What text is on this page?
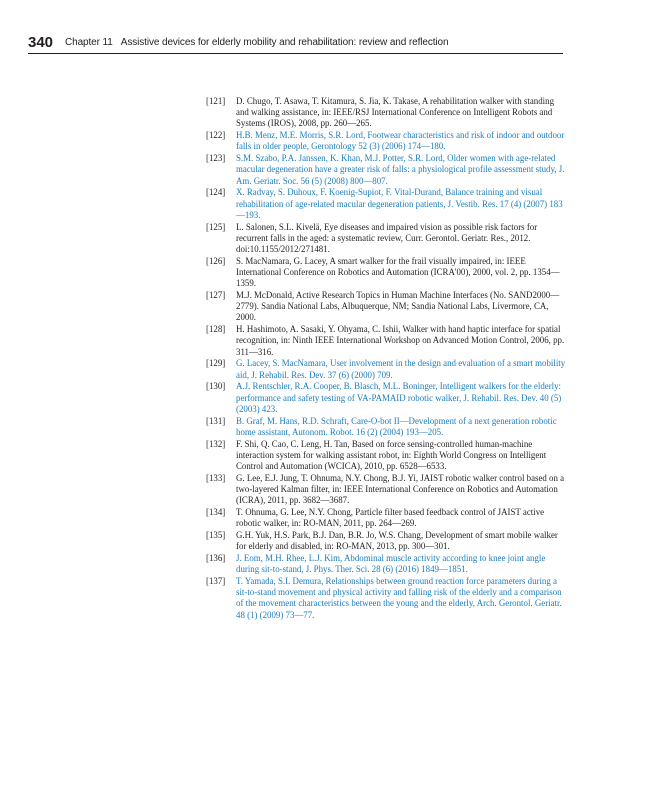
340 Chapter 11 Assistive devices for elderly mobility and rehabilitation: review and reflection
[121]	D. Chugo, T. Asawa, T. Kitamura, S. Jia, K. Takase, A rehabilitation walker with standing and walking assistance, in: IEEE/RSJ International Conference on Intelligent Robots and Systems (IROS), 2008, pp. 260—265.
[122]	H.B. Menz, M.E. Morris, S.R. Lord, Footwear characteristics and risk of indoor and outdoor falls in older people, Gerontology 52 (3) (2006) 174—180.
[123]	S.M. Szabo, P.A. Janssen, K. Khan, M.J. Potter, S.R. Lord, Older women with age-related macular degeneration have a greater risk of falls: a physiological profile assessment study, J. Am. Geriatr. Soc. 56 (5) (2008) 800—807.
[124]	X. Radvay, S. Duhoux, F. Koenig-Supiot, F. Vital-Durand, Balance training and visual rehabilitation of age-related macular degeneration patients, J. Vestib. Res. 17 (4) (2007) 183—193.
[125]	L. Salonen, S.L. Kivelä, Eye diseases and impaired vision as possible risk factors for recurrent falls in the aged: a systematic review, Curr. Gerontol. Geriatr. Res., 2012. doi:10.1155/2012/271481.
[126]	S. MacNamara, G. Lacey, A smart walker for the frail visually impaired, in: IEEE International Conference on Robotics and Automation (ICRA'00), 2000, vol. 2, pp. 1354—1359.
[127]	M.J. McDonald, Active Research Topics in Human Machine Interfaces (No. SAND2000—2779). Sandia National Labs, Albuquerque, NM; Sandia National Labs, Livermore, CA, 2000.
[128]	H. Hashimoto, A. Sasaki, Y. Ohyama, C. Ishii, Walker with hand haptic interface for spatial recognition, in: Ninth IEEE International Workshop on Advanced Motion Control, 2006, pp. 311—316.
[129]	G. Lacey, S. MacNamara, User involvement in the design and evaluation of a smart mobility aid, J. Rehabil. Res. Dev. 37 (6) (2000) 709.
[130]	A.J. Rentschler, R.A. Cooper, B. Blasch, M.L. Boninger, Intelligent walkers for the elderly: performance and safety testing of VA-PAMAID robotic walker, J. Rehabil. Res. Dev. 40 (5) (2003) 423.
[131]	B. Graf, M. Hans, R.D. Schraft, Care-O-bot II—Development of a next generation robotic home assistant, Autonom. Robot. 16 (2) (2004) 193—205.
[132]	F. Shi, Q. Cao, C. Leng, H. Tan, Based on force sensing-controlled human-machine interaction system for walking assistant robot, in: Eighth World Congress on Intelligent Control and Automation (WCICA), 2010, pp. 6528—6533.
[133]	G. Lee, E.J. Jung, T. Ohnuma, N.Y. Chong, B.J. Yi, JAIST robotic walker control based on a two-layered Kalman filter, in: IEEE International Conference on Robotics and Automation (ICRA), 2011, pp. 3682—3687.
[134]	T. Ohnuma, G. Lee, N.Y. Chong, Particle filter based feedback control of JAIST active robotic walker, in: RO-MAN, 2011, pp. 264—269.
[135]	G.H. Yuk, H.S. Park, B.J. Dan, B.R. Jo, W.S. Chang, Development of smart mobile walker for elderly and disabled, in: RO-MAN, 2013, pp. 300—301.
[136]	J. Eom, M.H. Rhee, L.J. Kim, Abdominal muscle activity according to knee joint angle during sit-to-stand, J. Phys. Ther. Sci. 28 (6) (2016) 1849—1851.
[137]	T. Yamada, S.I. Demura, Relationships between ground reaction force parameters during a sit-to-stand movement and physical activity and falling risk of the elderly and a comparison of the movement characteristics between the young and the elderly, Arch. Gerontol. Geriatr. 48 (1) (2009) 73—77.
